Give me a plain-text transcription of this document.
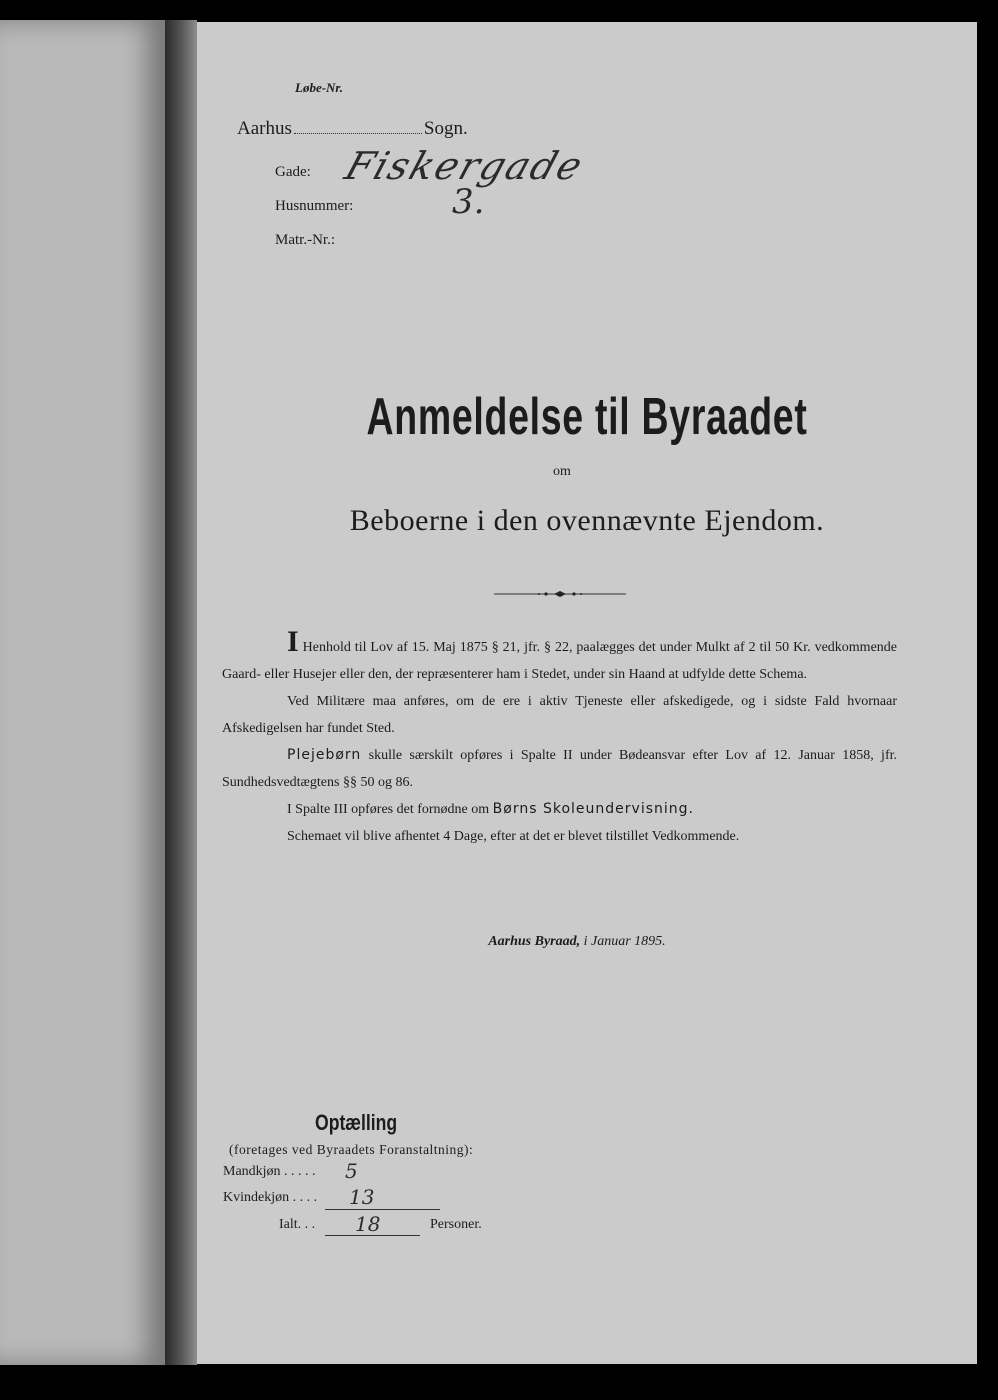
Løbe-Nr.
Aarhus	Sogn.
Gade: Fiskergade
Husnummer:	3.
Matr.-Nr.:
Anmeldelse til Byraadet
om
Beboerne i den ovennævnte Ejendom.

I Henhold til Lov af 15. Maj 1875 § 21, jfr. § 22, paalægges det under Mulkt af 2 til 50 Kr. vedkommende Gaard- eller Husejer eller den, der repræsenterer ham i Stedet, under sin Haand at udfylde dette Schema.

Ved Militære maa anføres, om de ere i aktiv Tjeneste eller afskedigede, og i sidste Fald hvornaar Afskedigelsen har fundet Sted.

Plejebørn skulle særskilt opføres i Spalte II under Bødeansvar efter Lov af 12. Januar 1858, jfr. Sundhedsvedtægtens §§ 50 og 86.

I Spalte III opføres det fornødne om Børns Skoleundervisning.

Schemaet vil blive afhentet 4 Dage, efter at det er blevet tilstillet Vedkommende.

Aarhus Byraad, i Januar 1895.
Optælling
(foretages ved Byraadets Foranstaltning):
Mandkjøn . . . . . 5
Kvindekjøn . . . . 13
Ialt. . . 18	Personer.
